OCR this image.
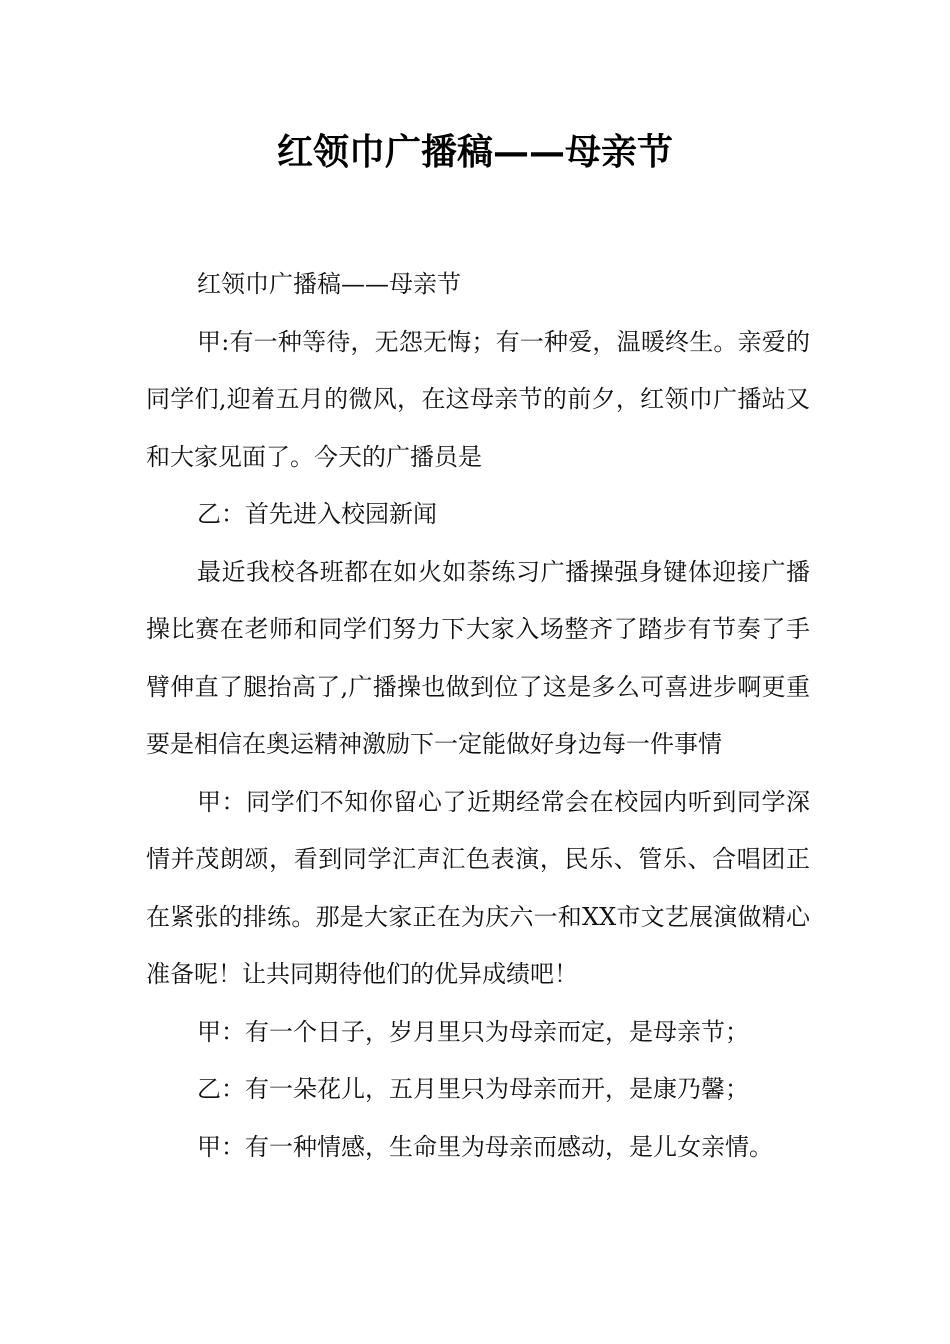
红领巾广播稿——母亲节

红领巾广播稿——母亲节

甲:有一种等待，无怨无悔；有一种爱，温暖终生。亲爱的同学们,迎着五月的微风，在这母亲节的前夕，红领巾广播站又和大家见面了。今天的广播员是

乙：首先进入校园新闻

最近我校各班都在如火如荼练习广播操强身键体迎接广播操比赛在老师和同学们努力下大家入场整齐了踏步有节奏了手臂伸直了腿抬高了,广播操也做到位了这是多么可喜进步啊更重要是相信在奥运精神激励下一定能做好身边每一件事情

甲：同学们不知你留心了近期经常会在校园内听到同学深情并茂朗颂，看到同学汇声汇色表演，民乐、管乐、合唱团正在紧张的排练。那是大家正在为庆六一和XX市文艺展演做精心准备呢！让共同期待他们的优异成绩吧！

甲：有一个日子，岁月里只为母亲而定，是母亲节；

乙：有一朵花儿，五月里只为母亲而开，是康乃馨；

甲：有一种情感，生命里为母亲而感动，是儿女亲情。
